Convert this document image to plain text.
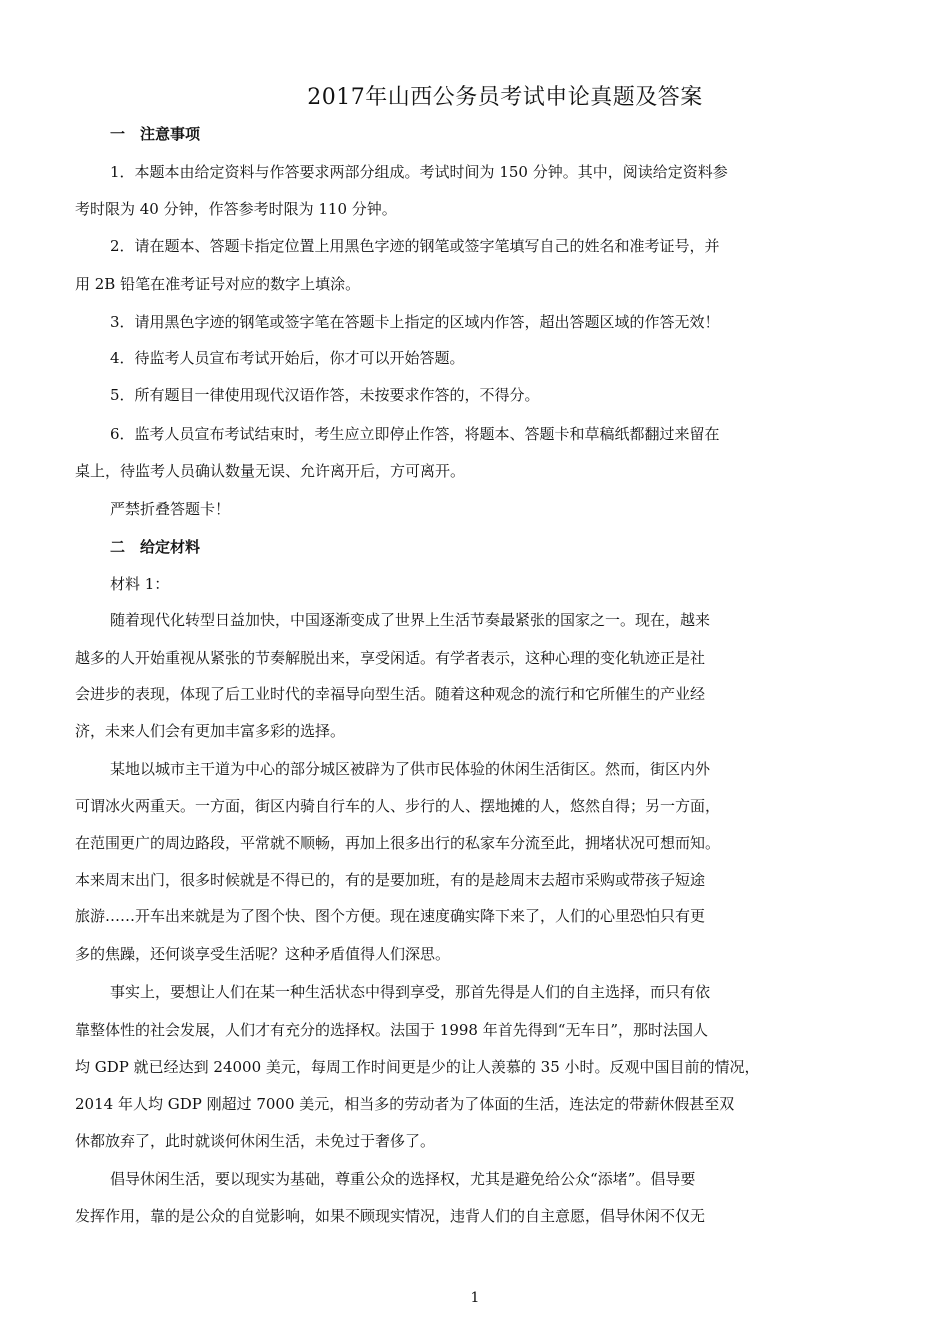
2017年山西公务员考试申论真题及答案
一　注意事项
1．本题本由给定资料与作答要求两部分组成。考试时间为 150 分钟。其中，阅读给定资料参
考时限为 40 分钟，作答参考时限为 110 分钟。
2．请在题本、答题卡指定位置上用黑色字迹的钢笔或签字笔填写自己的姓名和准考证号，并
用 2B 铅笔在准考证号对应的数字上填涂。
3．请用黑色字迹的钢笔或签字笔在答题卡上指定的区域内作答，超出答题区域的作答无效！
4．待监考人员宣布考试开始后，你才可以开始答题。
5．所有题目一律使用现代汉语作答，未按要求作答的，不得分。
6．监考人员宣布考试结束时，考生应立即停止作答，将题本、答题卡和草稿纸都翻过来留在
桌上，待监考人员确认数量无误、允许离开后，方可离开。
严禁折叠答题卡！
二　给定材料
材料 1：
随着现代化转型日益加快，中国逐渐变成了世界上生活节奏最紧张的国家之一。现在，越来
越多的人开始重视从紧张的节奏解脱出来，享受闲适。有学者表示，这种心理的变化轨迹正是社
会进步的表现，体现了后工业时代的幸福导向型生活。随着这种观念的流行和它所催生的产业经
济，未来人们会有更加丰富多彩的选择。
某地以城市主干道为中心的部分城区被辟为了供市民体验的休闲生活街区。然而，街区内外
可谓冰火两重天。一方面，街区内骑自行车的人、步行的人、摆地摊的人，悠然自得；另一方面，
在范围更广的周边路段，平常就不顺畅，再加上很多出行的私家车分流至此，拥堵状况可想而知。
本来周末出门，很多时候就是不得已的，有的是要加班，有的是趁周末去超市采购或带孩子短途
旅游……开车出来就是为了图个快、图个方便。现在速度确实降下来了，人们的心里恐怕只有更
多的焦躁，还何谈享受生活呢？这种矛盾值得人们深思。
事实上，要想让人们在某一种生活状态中得到享受，那首先得是人们的自主选择，而只有依
靠整体性的社会发展，人们才有充分的选择权。法国于 1998 年首先得到“无车日”，那时法国人
均 GDP 就已经达到 24000 美元，每周工作时间更是少的让人羡慕的 35 小时。反观中国目前的情况，
2014 年人均 GDP 刚超过 7000 美元，相当多的劳动者为了体面的生活，连法定的带薪休假甚至双
休都放弃了，此时就谈何休闲生活，未免过于奢侈了。
倡导休闲生活，要以现实为基础，尊重公众的选择权，尤其是避免给公众“添堵”。倡导要
发挥作用，靠的是公众的自觉影响，如果不顾现实情况，违背人们的自主意愿，倡导休闲不仅无
1
